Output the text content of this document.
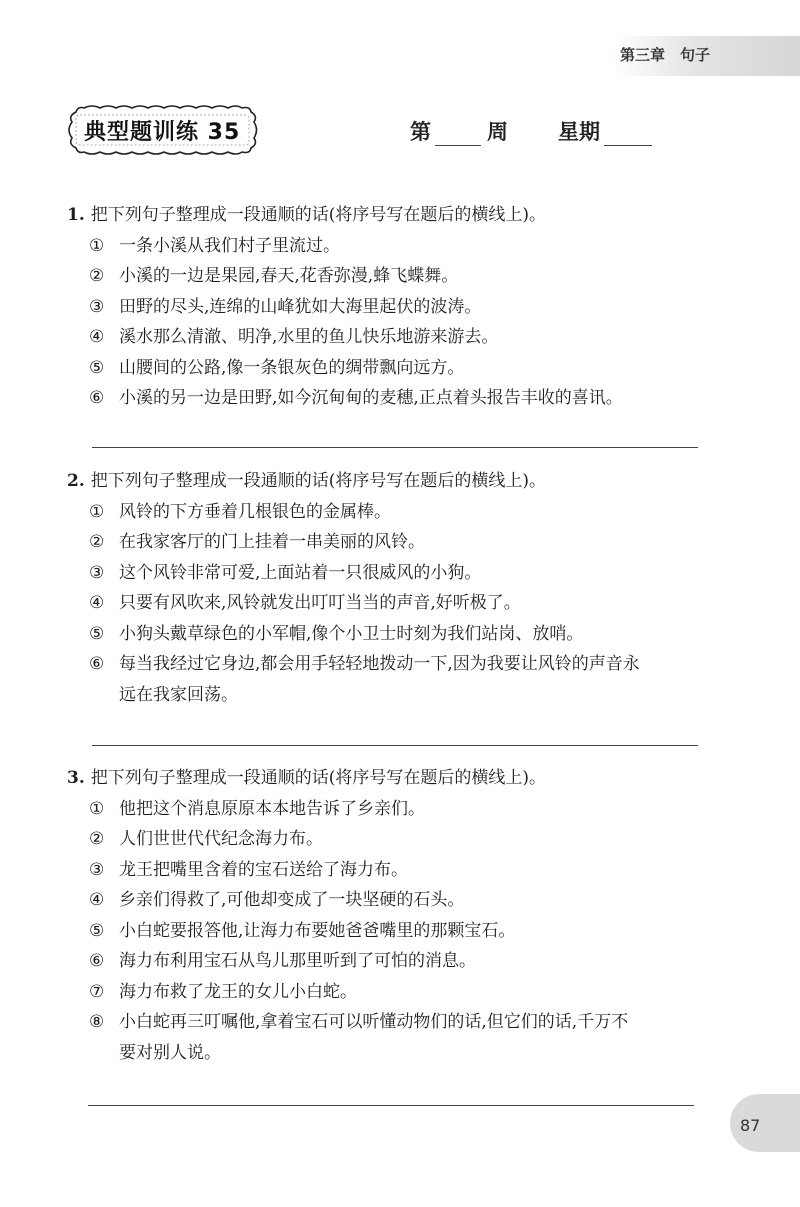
第三章　句子
典型题训练 35	第	周 星期
1. 把下列句子整理成一段通顺的话(将序号写在题后的横线上)。
① 一条小溪从我们村子里流过。
② 小溪的一边是果园,春天,花香弥漫,蜂飞蝶舞。
③ 田野的尽头,连绵的山峰犹如大海里起伏的波涛。
④ 溪水那么清澈、明净,水里的鱼儿快乐地游来游去。
⑤ 山腰间的公路,像一条银灰色的绸带飘向远方。
⑥ 小溪的另一边是田野,如今沉甸甸的麦穗,正点着头报告丰收的喜讯。
2. 把下列句子整理成一段通顺的话(将序号写在题后的横线上)。
① 风铃的下方垂着几根银色的金属棒。
② 在我家客厅的门上挂着一串美丽的风铃。
③ 这个风铃非常可爱,上面站着一只很威风的小狗。
④ 只要有风吹来,风铃就发出叮叮当当的声音,好听极了。
⑤ 小狗头戴草绿色的小军帽,像个小卫士时刻为我们站岗、放哨。
⑥ 每当我经过它身边,都会用手轻轻地拨动一下,因为我要让风铃的声音永
远在我家回荡。
3. 把下列句子整理成一段通顺的话(将序号写在题后的横线上)。
① 他把这个消息原原本本地告诉了乡亲们。
② 人们世世代代纪念海力布。
③ 龙王把嘴里含着的宝石送给了海力布。
④ 乡亲们得救了,可他却变成了一块坚硬的石头。
⑤ 小白蛇要报答他,让海力布要她爸爸嘴里的那颗宝石。
⑥ 海力布利用宝石从鸟儿那里听到了可怕的消息。
⑦ 海力布救了龙王的女儿小白蛇。
⑧ 小白蛇再三叮嘱他,拿着宝石可以听懂动物们的话,但它们的话,千万不
要对别人说。
87
